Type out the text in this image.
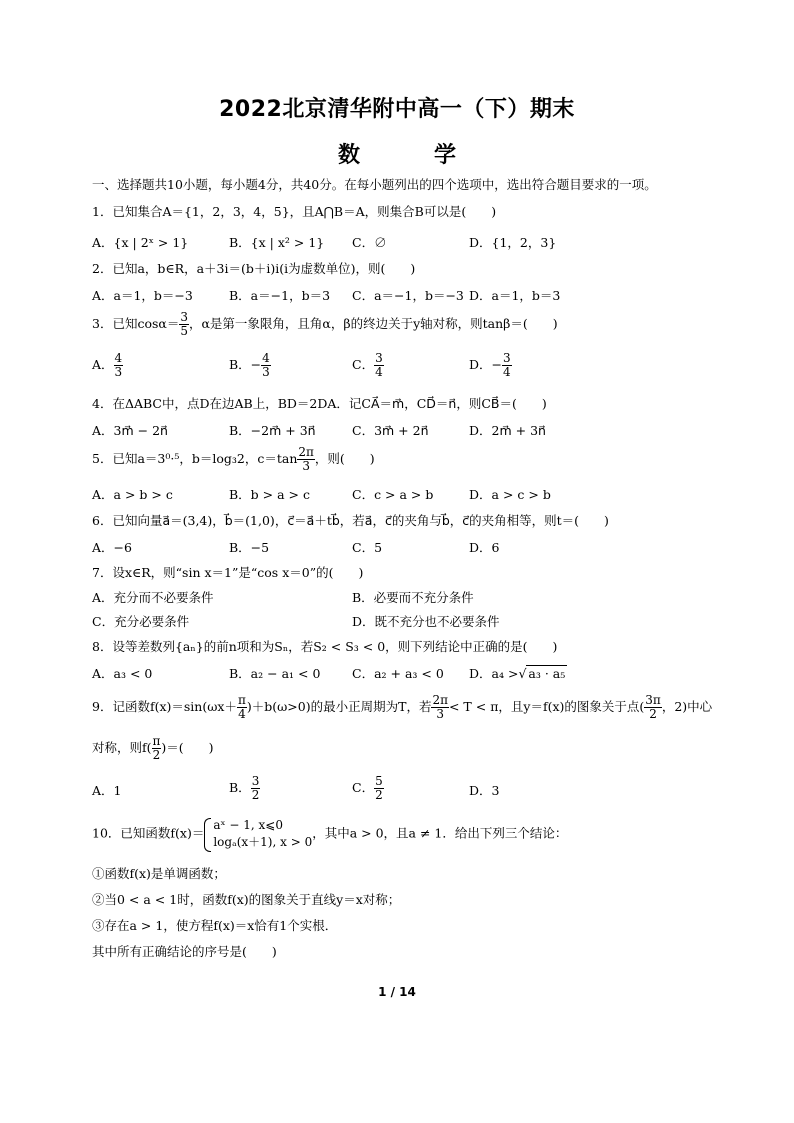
2022北京清华附中高一（下）期末
数　学
一、选择题共10小题，每小题4分，共40分。在每小题列出的四个选项中，选出符合题目要求的一项。
1．已知集合A＝{1，2，3，4，5}，且A⋂B＝A，则集合B可以是(　　)
A．{x | 2ˣ > 1}	B．{x | x² > 1} C．∅	D．{1，2，3}
2．已知a，b∈R，a＋3i＝(b＋i)i(i为虚数单位)，则(　　)
A．a＝1，b＝−3	B．a＝−1，b＝3 C．a＝−1，b＝−3 D．a＝1，b＝3
3．已知$\cos\alpha= \frac{3}{5}$ ，α是第一象限角，且角α，β的终边关于y轴对称，则tanβ＝(　　)
A． $\frac{4}{3}$	B．− $\frac{4}{3}$	C． $\frac{3}{4}$	D．− $\frac{3}{4}$
4．在ΔABC中，点D在边AB上，BD＝2DA．记CA⃗＝m⃗，CD⃗＝n⃗，则CB⃗＝(　　)
A．3m⃗ − 2n⃗	B．−2m⃗ + 3n⃗	C．3m⃗ + 2n⃗	D．2m⃗ + 3n⃗
5．已知a＝3⁰·⁵，b＝log₃2，$c=\tan \frac{2\pi}{3}$ ，则(　　)
A．a > b > c	B．b > a > c	C．c > a > b	D．a > c > b
6．已知向量a⃗＝(3,4)，b⃗＝(1,0)，c⃗＝a⃗＋tb⃗，若a⃗，c⃗的夹角与b⃗，c⃗的夹角相等，则t＝(　　)
A．−6	B．−5	C．5	D．6
7．设x∈R，则“sin x＝1”是“cos x＝0”的(　　)
A．充分而不必要条件	B．必要而不充分条件
C．充分必要条件	D．既不充分也不必要条件
8．设等差数列{aₙ}的前n项和为Sₙ，若S₂ < S₃ < 0，则下列结论中正确的是(　　)
A．a₃ < 0	B．a₂ − a₁ < 0	C．a₂ + a₃ < 0 D．a₄ >√ a₃ · a₅
9．记函数$f(x)=\sin(\omega x+ \frac{\pi}{4} )+b(\omega>0)$的最小正周期为T，若 $\frac{2\pi}{3} < T < \pi$，且y＝f(x)的图象关于点( $\frac{3\pi}{2}$ ，2)中心
对称，则$f( \frac{\pi}{2}$ )＝(　　)
A．1	B． $\frac{3}{2}$	C． $\frac{5}{2}$	D．3
10．已知函数f(x)＝
aˣ − 1, x⩽0
logₐ(x＋1), x > 0
，其中a > 0，且a ≠ 1．给出下列三个结论：
①函数f(x)是单调函数；
②当0 < a < 1时，函数f(x)的图象关于直线y＝x对称；
③存在a > 1，使方程f(x)＝x恰有1个实根．
其中所有正确结论的序号是(　　)
1 / 14
